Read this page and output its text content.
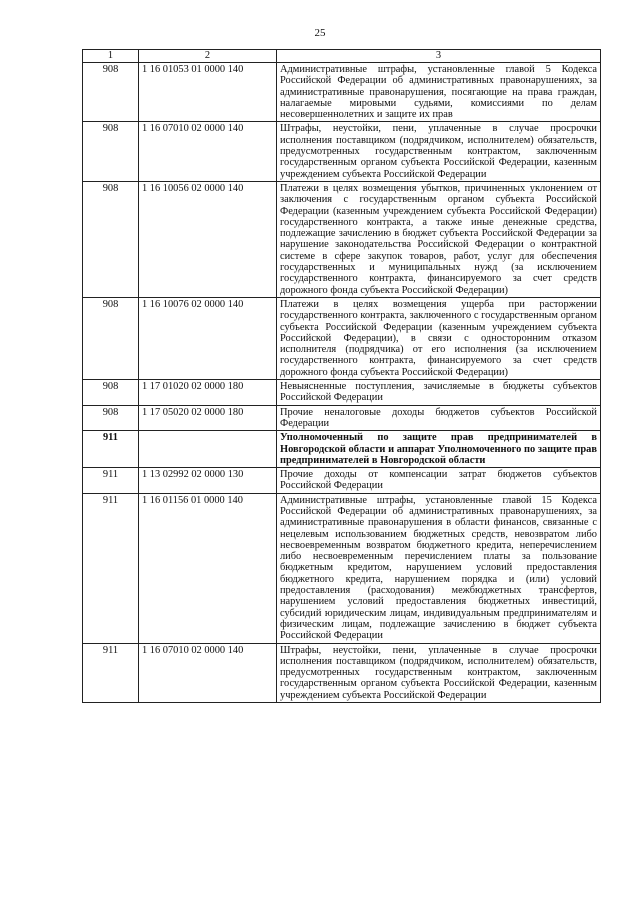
25
1	2	3
908	1 16 01053 01 0000 140	Административные штрафы, установленные главой 5 Кодекса Российской Федерации об административных правонарушениях, за административные правонарушения, посягающие на права граждан, налагаемые мировыми судьями, комиссиями по делам несовершеннолетних и защите их прав
908	1 16 07010 02 0000 140	Штрафы, неустойки, пени, уплаченные в случае просрочки исполнения поставщиком (подрядчиком, исполнителем) обязательств, предусмотренных государственным контрактом, заключенным государственным органом субъекта Российской Федерации, казенным учреждением субъекта Российской Федерации
908	1 16 10056 02 0000 140	Платежи в целях возмещения убытков, причиненных уклонением от заключения с государственным органом субъекта Российской Федерации (казенным учреждением субъекта Российской Федерации) государственного контракта, а также иные денежные средства, подлежащие зачислению в бюджет субъекта Российской Федерации за нарушение законодательства Российской Федерации о контрактной системе в сфере закупок товаров, работ, услуг для обеспечения государственных и муниципальных нужд (за исключением государственного контракта, финансируемого за счет средств дорожного фонда субъекта Российской Федерации)
908	1 16 10076 02 0000 140	Платежи в целях возмещения ущерба при расторжении государственного контракта, заключенного с государственным органом субъекта Российской Федерации (казенным учреждением субъекта Российской Федерации), в связи с односторонним отказом исполнителя (подрядчика) от его исполнения (за исключением государственного контракта, финансируемого за счет средств дорожного фонда субъекта Российской Федерации)
908	1 17 01020 02 0000 180	Невыясненные поступления, зачисляемые в бюджеты субъектов Российской Федерации
908	1 17 05020 02 0000 180	Прочие неналоговые доходы бюджетов субъектов Российской Федерации
911		Уполномоченный по защите прав предпринимателей в Новгородской области и аппарат Уполномоченного по защите прав предпринимателей в Новгородской области
911	1 13 02992 02 0000 130	Прочие доходы от компенсации затрат бюджетов субъектов Российской Федерации
911	1 16 01156 01 0000 140	Административные штрафы, установленные главой 15 Кодекса Российской Федерации об административных правонарушениях, за административные правонарушения в области финансов, связанные с нецелевым использованием бюджетных средств, невозвратом либо несвоевременным возвратом бюджетного кредита, неперечислением либо несвоевременным перечислением платы за пользование бюджетным кредитом, нарушением условий предоставления бюджетного кредита, нарушением порядка и (или) условий предоставления (расходования) межбюджетных трансфертов, нарушением условий предоставления бюджетных инвестиций, субсидий юридическим лицам, индивидуальным предпринимателям и физическим лицам, подлежащие зачислению в бюджет субъекта Российской Федерации
911	1 16 07010 02 0000 140	Штрафы, неустойки, пени, уплаченные в случае просрочки исполнения поставщиком (подрядчиком, исполнителем) обязательств, предусмотренных государственным контрактом, заключенным государственным органом субъекта Российской Федерации, казенным учреждением субъекта Российской Федерации
